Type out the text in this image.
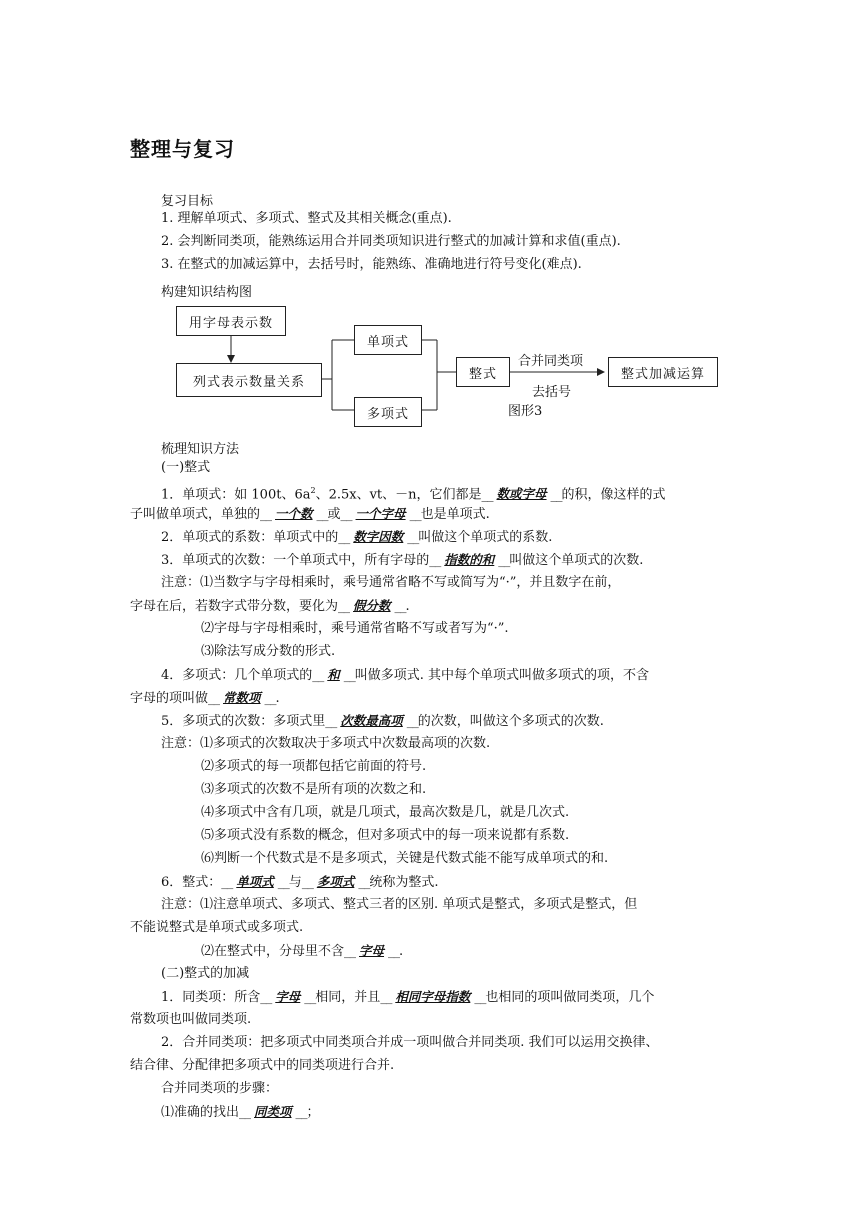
整理与复习
复习目标
1. 理解单项式、多项式、整式及其相关概念(重点).
2. 会判断同类项，能熟练运用合并同类项知识进行整式的加减计算和求值(重点).
3. 在整式的加减运算中，去括号时，能熟练、准确地进行符号变化(难点).
构建知识结构图
用字母表示数
列式表示数量关系
单项式
多项式
整式	整式加减运算
合并同类项
去括号
图形3
梳理知识方法
(一)整式
1．单项式：如 100t、$6a^2$、2.5x、vt、－n，它们都是__ 数或字母 __的积，像这样的式
子叫做单项式，单独的__ 一个数 __或__ 一个字母 __也是单项式.
2．单项式的系数：单项式中的__ 数字因数 __叫做这个单项式的系数.
3．单项式的次数：一个单项式中，所有字母的__ 指数的和 __叫做这个单项式的次数.
注意：⑴当数字与字母相乘时，乘号通常省略不写或简写为“·”，并且数字在前，
字母在后，若数字式带分数，要化为__ 假分数 __.
⑵字母与字母相乘时，乘号通常省略不写或者写为“·”.
⑶除法写成分数的形式.
4．多项式：几个单项式的__ 和 __叫做多项式. 其中每个单项式叫做多项式的项，不含
字母的项叫做__ 常数项 __.
5．多项式的次数：多项式里__ 次数最高项 __的次数，叫做这个多项式的次数.
注意：⑴多项式的次数取决于多项式中次数最高项的次数.
⑵多项式的每一项都包括它前面的符号.
⑶多项式的次数不是所有项的次数之和.
⑷多项式中含有几项，就是几项式，最高次数是几，就是几次式.
⑸多项式没有系数的概念，但对多项式中的每一项来说都有系数.
⑹判断一个代数式是不是多项式，关键是代数式能不能写成单项式的和.
6．整式：__ 单项式 __与__ 多项式 __统称为整式.
注意：⑴注意单项式、多项式、整式三者的区别. 单项式是整式，多项式是整式，但
不能说整式是单项式或多项式.
⑵在整式中，分母里不含__ 字母 __.
(二)整式的加减
1．同类项：所含__ 字母 __相同，并且__ 相同字母指数 __也相同的项叫做同类项，几个
常数项也叫做同类项.
2．合并同类项：把多项式中同类项合并成一项叫做合并同类项. 我们可以运用交换律、
结合律、分配律把多项式中的同类项进行合并.
合并同类项的步骤：
⑴准确的找出__ 同类项 __；
